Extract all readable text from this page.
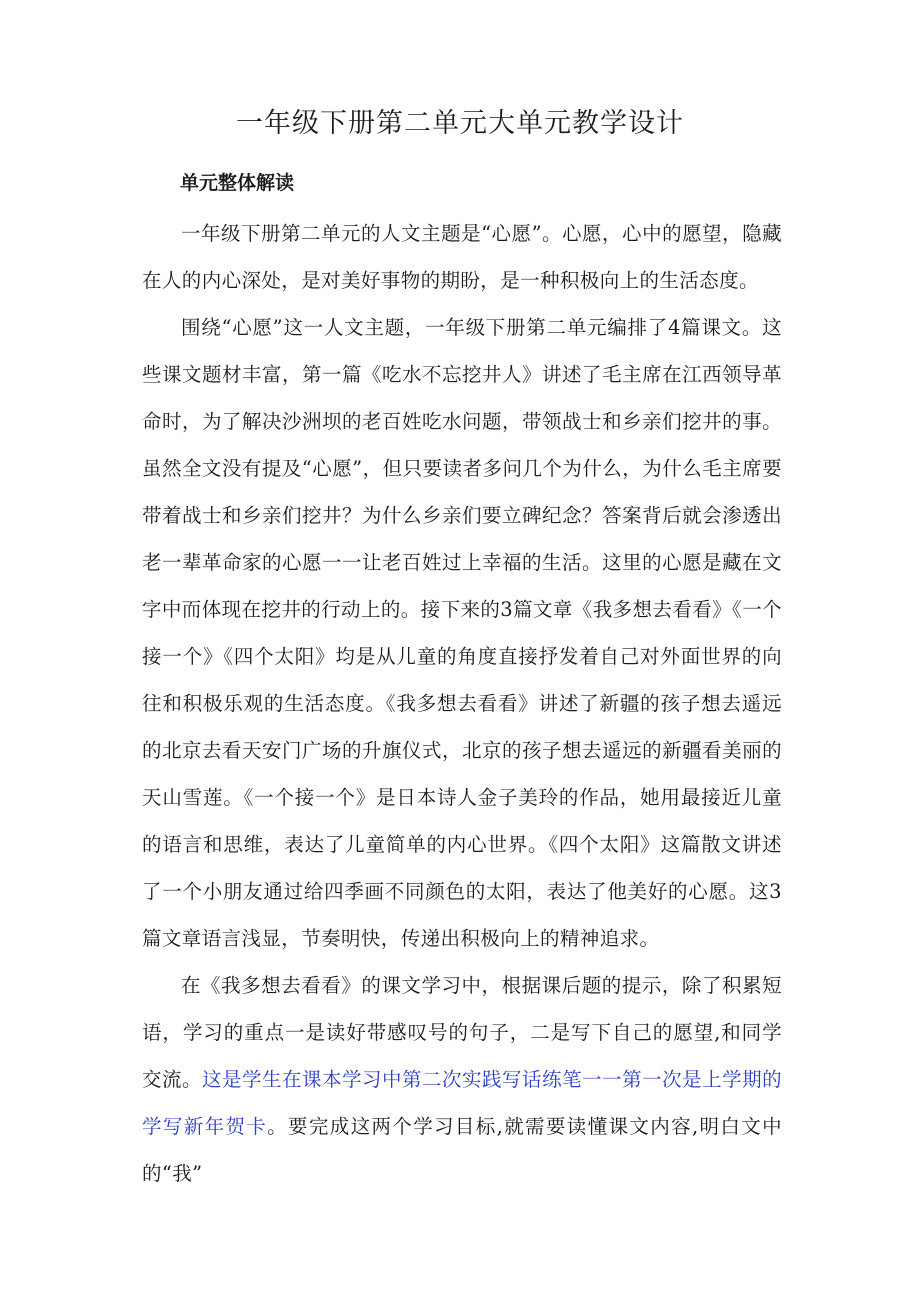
一年级下册第二单元大单元教学设计
单元整体解读

一年级下册第二单元的人文主题是“心愿”。心愿，心中的愿望，隐藏在人的内心深处，是对美好事物的期盼，是一种积极向上的生活态度。

围绕“心愿”这一人文主题，一年级下册第二单元编排了4篇课文。这些课文题材丰富，第一篇《吃水不忘挖井人》讲述了毛主席在江西领导革命时，为了解决沙洲坝的老百姓吃水问题，带领战士和乡亲们挖井的事。虽然全文没有提及“心愿”，但只要读者多问几个为什么，为什么毛主席要带着战士和乡亲们挖井？为什么乡亲们要立碑纪念？答案背后就会渗透出老一辈革命家的心愿一一让老百姓过上幸福的生活。这里的心愿是藏在文字中而体现在挖井的行动上的。接下来的3篇文章《我多想去看看》《一个接一个》《四个太阳》均是从儿童的角度直接抒发着自己对外面世界的向往和积极乐观的生活态度。《我多想去看看》讲述了新疆的孩子想去遥远的北京去看天安门广场的升旗仪式，北京的孩子想去遥远的新疆看美丽的天山雪莲。《一个接一个》是日本诗人金子美玲的作品，她用最接近儿童的语言和思维，表达了儿童简单的内心世界。《四个太阳》这篇散文讲述了一个小朋友通过给四季画不同颜色的太阳，表达了他美好的心愿。这3篇文章语言浅显，节奏明快，传递出积极向上的精神追求。

在《我多想去看看》的课文学习中，根据课后题的提示，除了积累短语，学习的重点一是读好带感叹号的句子，二是写下自己的愿望,和同学交流。这是学生在课本学习中第二次实践写话练笔一一第一次是上学期的学写新年贺卡。要完成这两个学习目标,就需要读懂课文内容,明白文中的“我”
